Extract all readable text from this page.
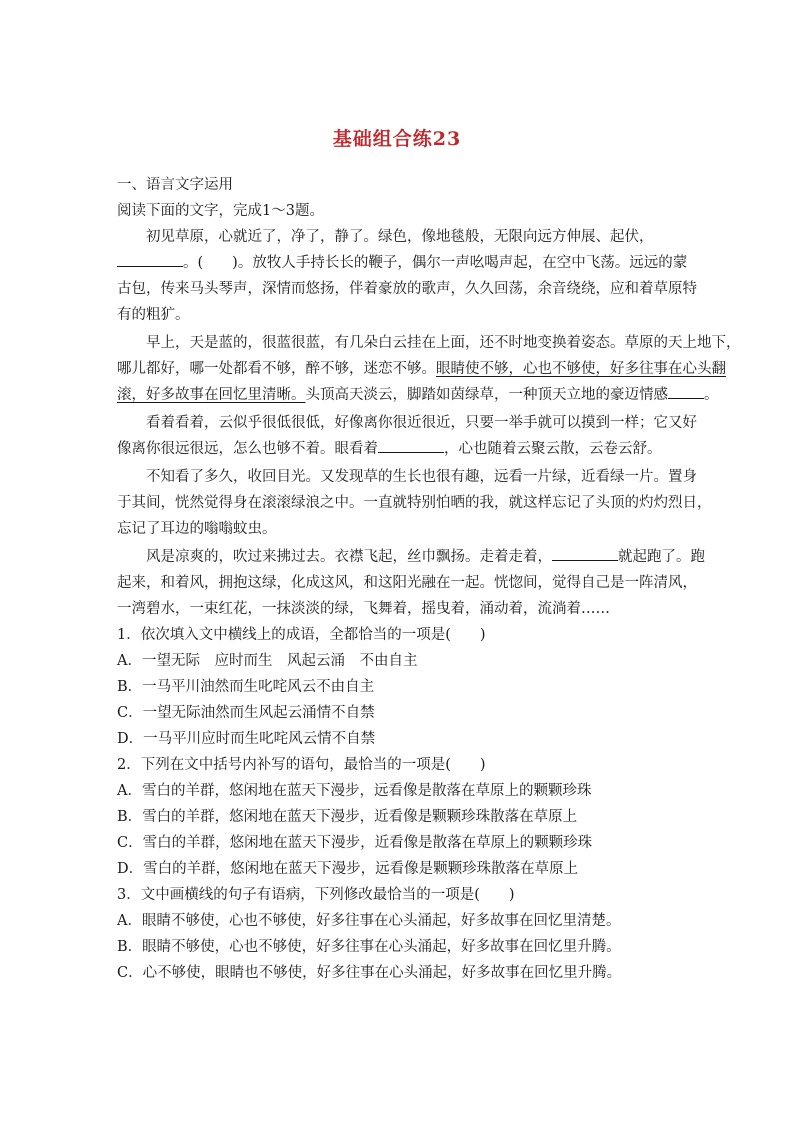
基础组合练23
一、语言文字运用
阅读下面的文字，完成1～3题。
初见草原，心就近了，净了，静了。绿色，像地毯般，无限向远方伸展、起伏，
。(　　)。放牧人手持长长的鞭子，偶尔一声吆喝声起，在空中飞荡。远远的蒙
古包，传来马头琴声，深情而悠扬，伴着豪放的歌声，久久回荡，余音绕绕，应和着草原特
有的粗犷。
早上，天是蓝的，很蓝很蓝，有几朵白云挂在上面，还不时地变换着姿态。草原的天上地下，
哪儿都好，哪一处都看不够，醉不够，迷恋不够。眼睛使不够，心也不够使，好多往事在心头翻
滚，好多故事在回忆里清晰。头顶高天淡云，脚踏如茵绿草，一种顶天立地的豪迈情感 。
看着看着，云似乎很低很低，好像离你很近很近，只要一举手就可以摸到一样；它又好
像离你很远很远，怎么也够不着。眼看着	，心也随着云聚云散，云卷云舒。
不知看了多久，收回目光。又发现草的生长也很有趣，远看一片绿，近看绿一片。置身
于其间，恍然觉得身在滚滚绿浪之中。一直就特别怕晒的我，就这样忘记了头顶的灼灼烈日，
忘记了耳边的嗡嗡蚊虫。
风是凉爽的，吹过来拂过去。衣襟飞起，丝巾飘扬。走着走着，	就起跑了。跑
起来，和着风，拥抱这绿，化成这风，和这阳光融在一起。恍惚间，觉得自己是一阵清风，
一湾碧水，一束红花，一抹淡淡的绿，飞舞着，摇曳着，涌动着，流淌着……
1．依次填入文中横线上的成语，全都恰当的一项是(　　)
A．一望无际　应时而生　风起云涌　不由自主
B．一马平川油然而生叱咤风云不由自主
C．一望无际油然而生风起云涌情不自禁
D．一马平川应时而生叱咤风云情不自禁
2．下列在文中括号内补写的语句，最恰当的一项是(　　)
A．雪白的羊群，悠闲地在蓝天下漫步，远看像是散落在草原上的颗颗珍珠
B．雪白的羊群，悠闲地在蓝天下漫步，近看像是颗颗珍珠散落在草原上
C．雪白的羊群，悠闲地在蓝天下漫步，近看像是散落在草原上的颗颗珍珠
D．雪白的羊群，悠闲地在蓝天下漫步，远看像是颗颗珍珠散落在草原上
3．文中画横线的句子有语病，下列修改最恰当的一项是(　　)
A．眼睛不够使，心也不够使，好多往事在心头涌起，好多故事在回忆里清楚。
B．眼睛不够使，心也不够使，好多往事在心头涌起，好多故事在回忆里升腾。
C．心不够使，眼睛也不够使，好多往事在心头涌起，好多故事在回忆里升腾。
